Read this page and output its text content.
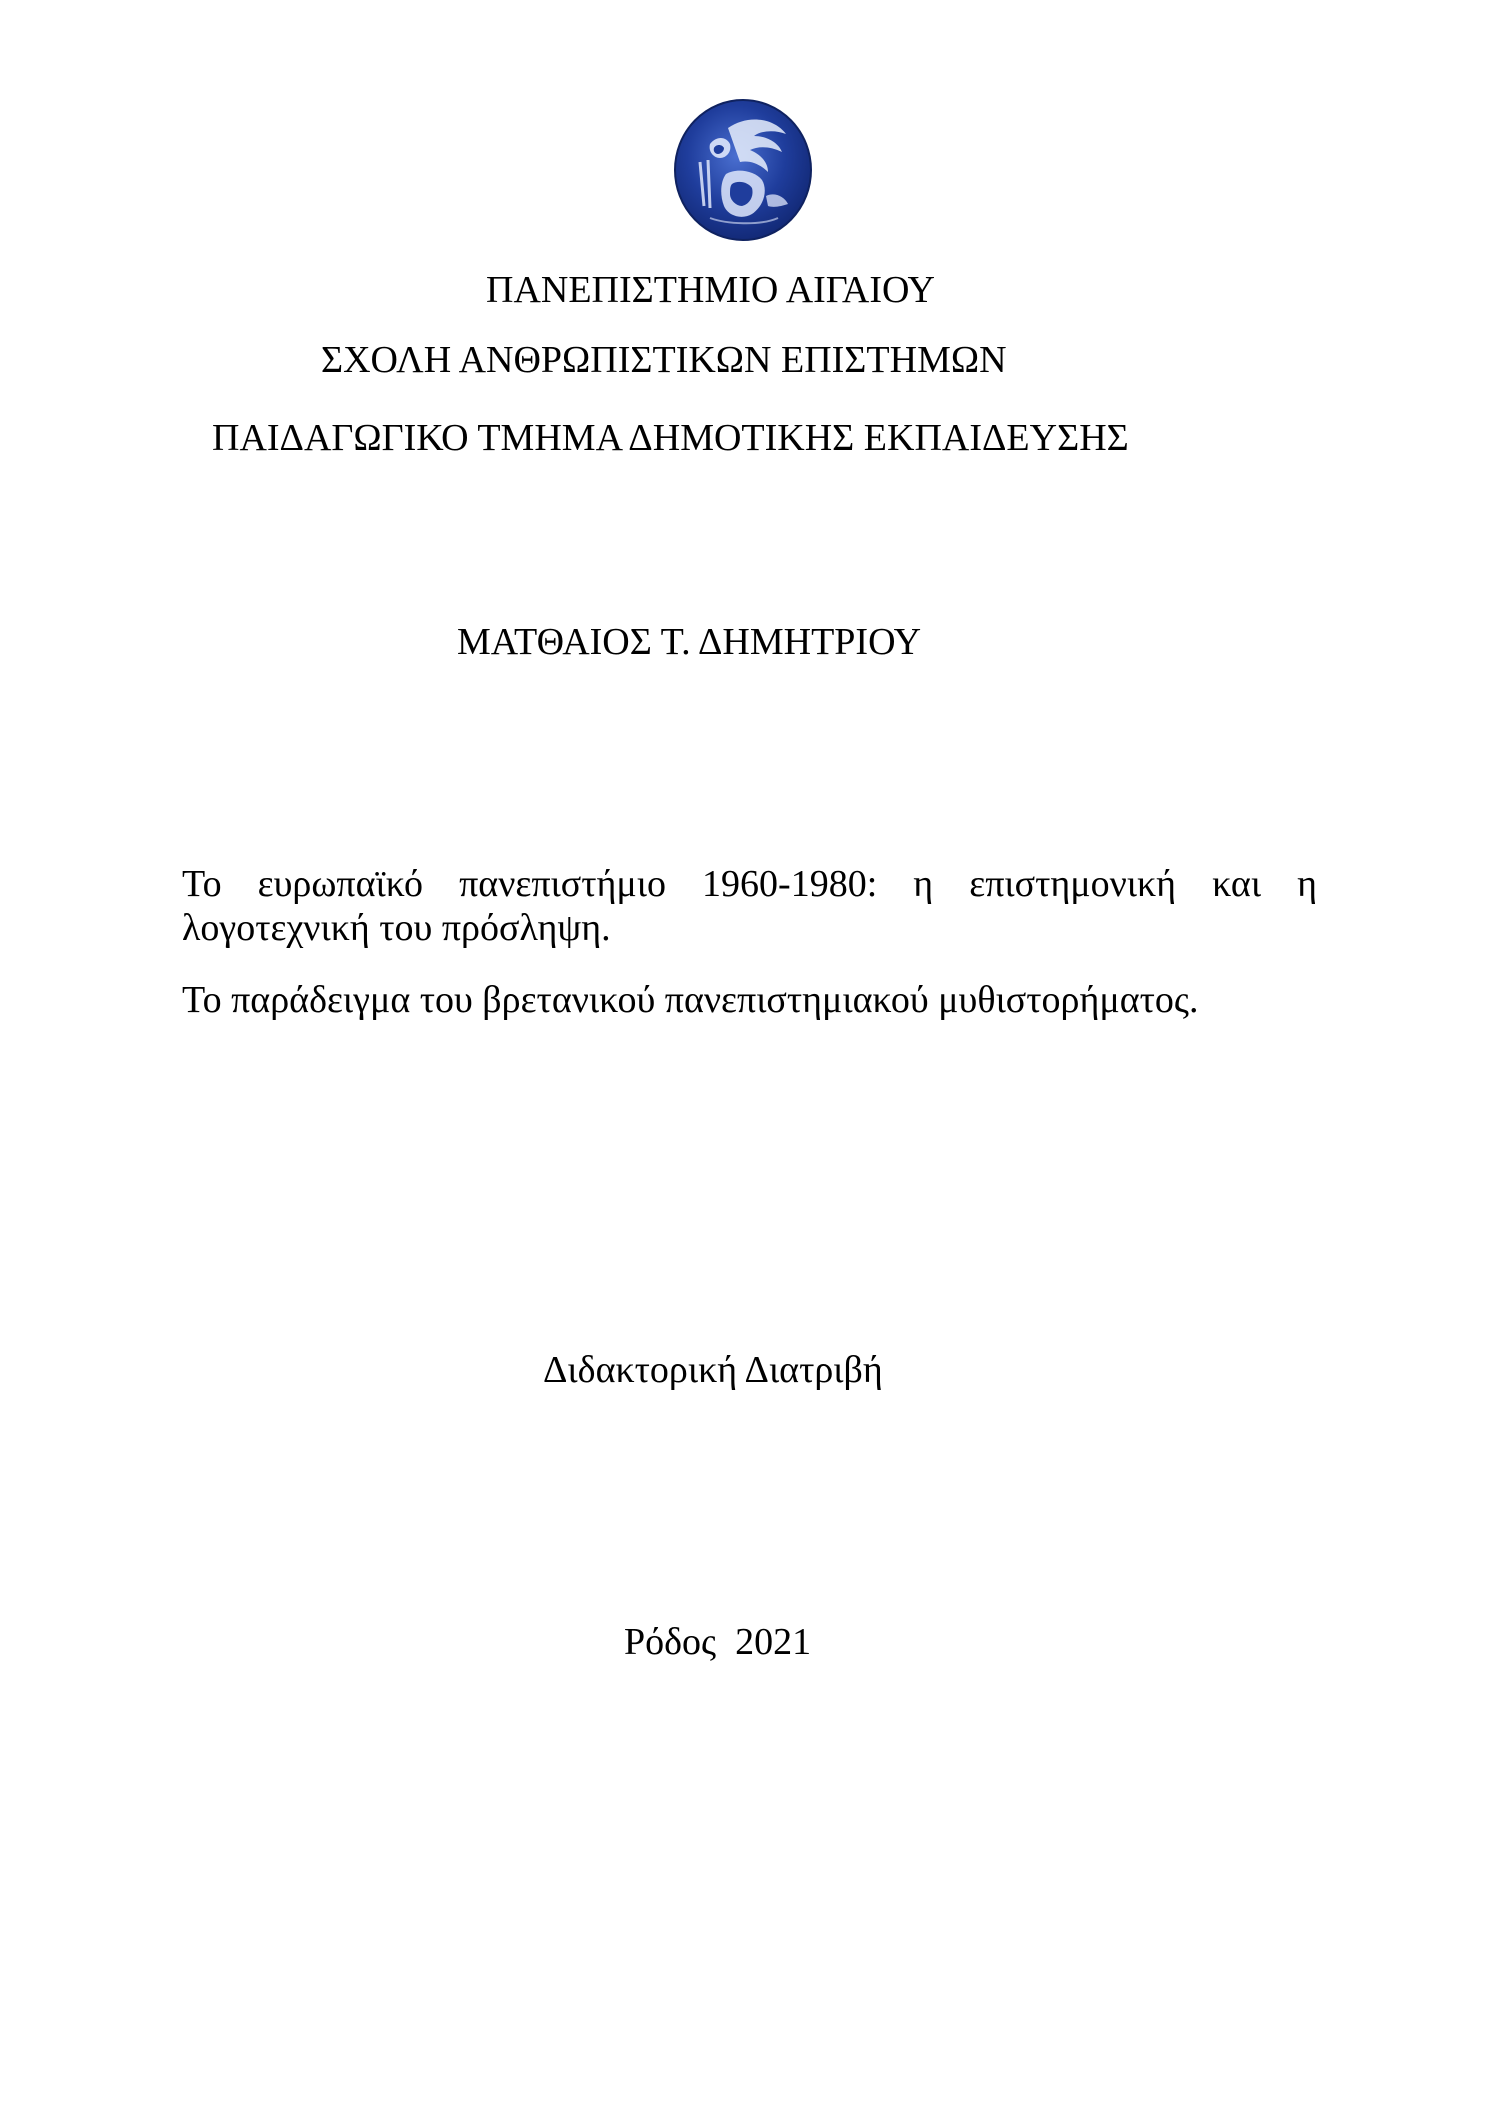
ΠΑΝΕΠΙΣΤΗΜΙΟ ΑΙΓΑΙΟΥ

ΣΧΟΛΗ ΑΝΘΡΩΠΙΣΤΙΚΩΝ ΕΠΙΣΤΗΜΩΝ

ΠΑΙΔΑΓΩΓΙΚΟ ΤΜΗΜΑ ΔΗΜΟΤΙΚΗΣ ΕΚΠΑΙΔΕΥΣΗΣ

ΜΑΤΘΑΙΟΣ Τ. ΔΗΜΗΤΡΙΟΥ

Το ευρωπαϊκό πανεπιστήμιο 1960-1980: η επιστημονική και η λογοτεχνική του πρόσληψη.

Το παράδειγμα του βρετανικού πανεπιστημιακού μυθιστορήματος.

Διδακτορική Διατριβή

Ρόδος  2021
